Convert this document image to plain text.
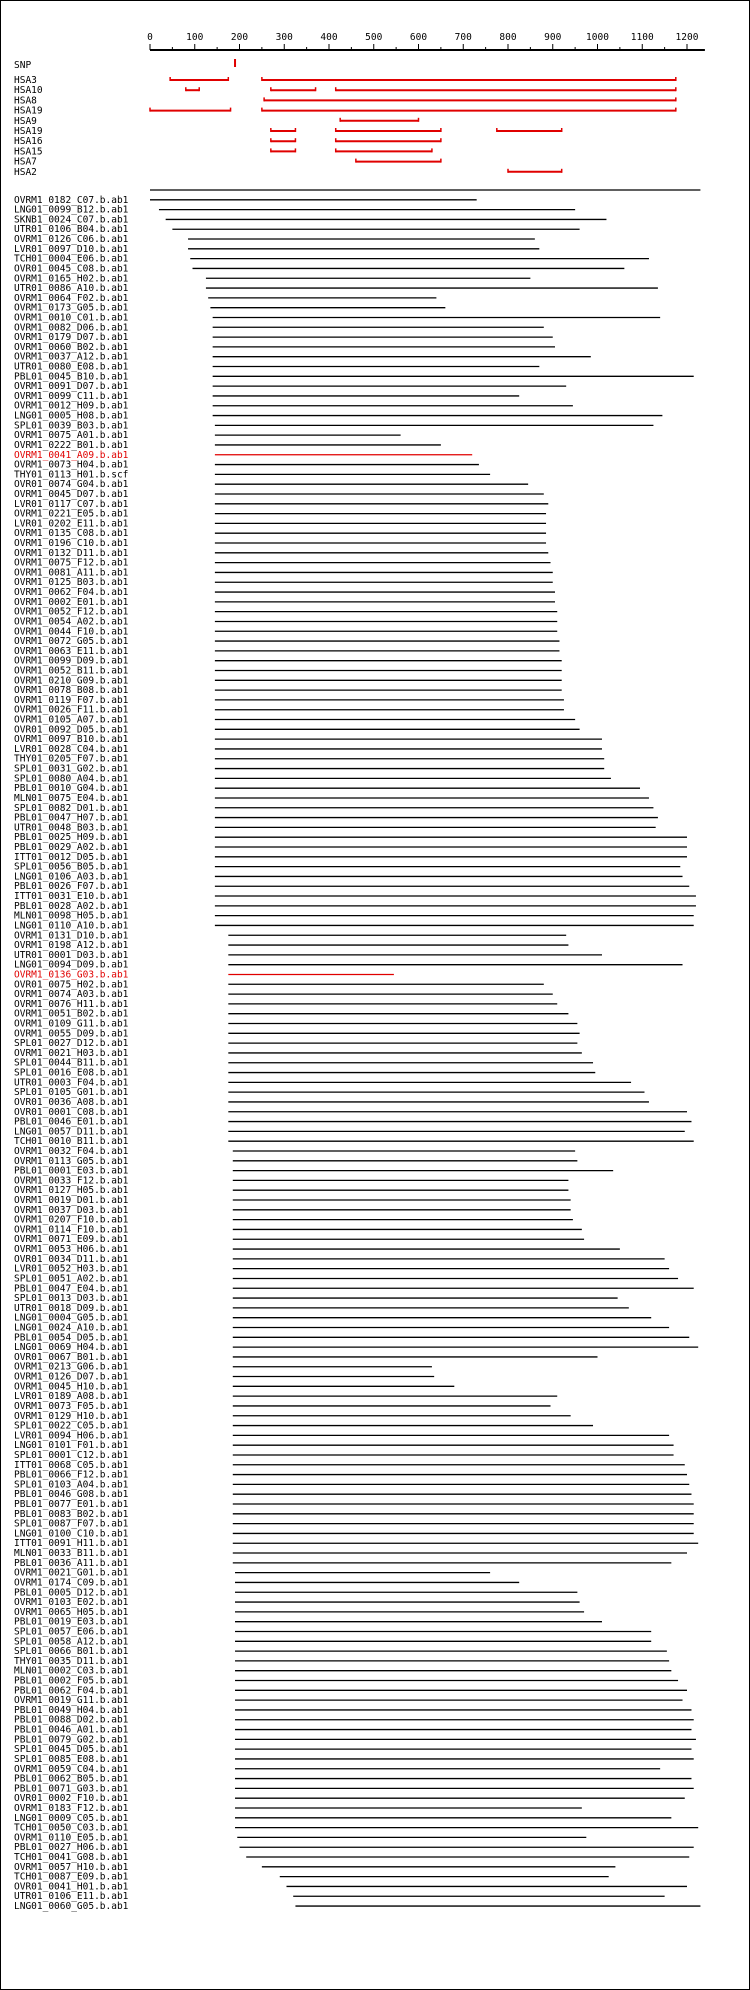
0	100	200	300	400	500	600	700	800	900	1000 1100 1200
SNP
HSA3
HSA10
HSA8
HSA19
HSA9
HSA19
HSA16
HSA15
HSA7
HSA2
OVRM1_0182_C07.b.ab1
LNG01_0099_B12.b.ab1
SKNB1_0024_C07.b.ab1
UTR01_0106_B04.b.ab1
OVRM1_0126_C06.b.ab1
LVR01_0097_D10.b.ab1
TCH01_0004_E06.b.ab1
OVR01_0045_C08.b.ab1
OVRM1_0165_H02.b.ab1
UTR01_0086_A10.b.ab1
OVRM1_0064_F02.b.ab1
OVRM1_0173_G05.b.ab1
OVRM1_0010_C01.b.ab1
OVRM1_0082_D06.b.ab1
OVRM1_0179_D07.b.ab1
OVRM1_0060_B02.b.ab1
OVRM1_0037_A12.b.ab1
UTR01_0080_E08.b.ab1
PBL01_0045_B10.b.ab1
OVRM1_0091_D07.b.ab1
OVRM1_0099_C11.b.ab1
OVRM1_0012_H09.b.ab1
LNG01_0005_H08.b.ab1
SPL01_0039_B03.b.ab1
OVRM1_0075_A01.b.ab1
OVRM1_0222_B01.b.ab1
OVRM1_0041_A09.b.ab1
OVRM1_0073_H04.b.ab1
THY01_0113_H01.b.scf
OVR01_0074_G04.b.ab1
OVRM1_0045_D07.b.ab1
LVR01_0117_C07.b.ab1
OVRM1_0221_E05.b.ab1
LVR01_0202_E11.b.ab1
OVRM1_0135_C08.b.ab1
OVRM1_0196_C10.b.ab1
OVRM1_0132_D11.b.ab1
OVRM1_0075_F12.b.ab1
OVRM1_0081_A11.b.ab1
OVRM1_0125_B03.b.ab1
OVRM1_0062_F04.b.ab1
OVRM1_0002_E01.b.ab1
OVRM1_0052_F12.b.ab1
OVRM1_0054_A02.b.ab1
OVRM1_0044_F10.b.ab1
OVRM1_0072_G05.b.ab1
OVRM1_0063_E11.b.ab1
OVRM1_0099_D09.b.ab1
OVRM1_0052_B11.b.ab1
OVRM1_0210_G09.b.ab1
OVRM1_0078_B08.b.ab1
OVRM1_0119_F07.b.ab1
OVRM1_0026_F11.b.ab1
OVRM1_0105_A07.b.ab1
OVR01_0092_D05.b.ab1
OVRM1_0097_B10.b.ab1
LVR01_0028_C04.b.ab1
THY01_0205_F07.b.ab1
SPL01_0031_G02.b.ab1
SPL01_0080_A04.b.ab1
PBL01_0010_G04.b.ab1
MLN01_0075_E04.b.ab1
SPL01_0082_D01.b.ab1
PBL01_0047_H07.b.ab1
UTR01_0048_B03.b.ab1
PBL01_0025_H09.b.ab1
PBL01_0029_A02.b.ab1
ITT01_0012_D05.b.ab1
SPL01_0056_B05.b.ab1
LNG01_0106_A03.b.ab1
PBL01_0026_F07.b.ab1
ITT01_0031_E10.b.ab1
PBL01_0028_A02.b.ab1
MLN01_0098_H05.b.ab1
LNG01_0110_A10.b.ab1
OVRM1_0131_D10.b.ab1
OVRM1_0198_A12.b.ab1
UTR01_0001_D03.b.ab1
LNG01_0094_D09.b.ab1
OVRM1_0136_G03.b.ab1
OVR01_0075_H02.b.ab1
OVRM1_0074_A03.b.ab1
OVRM1_0076_H11.b.ab1
OVRM1_0051_B02.b.ab1
OVRM1_0109_G11.b.ab1
OVRM1_0055_D09.b.ab1
SPL01_0027_D12.b.ab1
OVRM1_0021_H03.b.ab1
SPL01_0044_B11.b.ab1
SPL01_0016_E08.b.ab1
UTR01_0003_F04.b.ab1
SPL01_0105_G01.b.ab1
OVR01_0036_A08.b.ab1
OVR01_0001_C08.b.ab1
PBL01_0046_E01.b.ab1
LNG01_0057_D11.b.ab1
TCH01_0010_B11.b.ab1
OVRM1_0032_F04.b.ab1
OVRM1_0113_G05.b.ab1
PBL01_0001_E03.b.ab1
OVRM1_0033_F12.b.ab1
OVRM1_0127_H05.b.ab1
OVRM1_0019_D01.b.ab1
OVRM1_0037_D03.b.ab1
OVRM1_0207_F10.b.ab1
OVRM1_0114_F10.b.ab1
OVRM1_0071_E09.b.ab1
OVRM1_0053_H06.b.ab1
OVR01_0034_D11.b.ab1
LVR01_0052_H03.b.ab1
SPL01_0051_A02.b.ab1
PBL01_0047_E04.b.ab1
SPL01_0013_D03.b.ab1
UTR01_0018_D09.b.ab1
LNG01_0004_G05.b.ab1
LNG01_0024_A10.b.ab1
PBL01_0054_D05.b.ab1
LNG01_0069_H04.b.ab1
OVR01_0067_B01.b.ab1
OVRM1_0213_G06.b.ab1
OVRM1_0126_D07.b.ab1
OVRM1_0045_H10.b.ab1
LVR01_0189_A08.b.ab1
OVRM1_0073_F05.b.ab1
OVRM1_0129_H10.b.ab1
SPL01_0022_C05.b.ab1
LVR01_0094_H06.b.ab1
LNG01_0101_F01.b.ab1
SPL01_0001_C12.b.ab1
ITT01_0068_C05.b.ab1
PBL01_0066_F12.b.ab1
SPL01_0103_A04.b.ab1
PBL01_0046_G08.b.ab1
PBL01_0077_E01.b.ab1
PBL01_0083_B02.b.ab1
SPL01_0087_F07.b.ab1
LNG01_0100_C10.b.ab1
ITT01_0091_H11.b.ab1
MLN01_0033_B11.b.ab1
PBL01_0036_A11.b.ab1
OVRM1_0021_G01.b.ab1
OVRM1_0174_C09.b.ab1
PBL01_0005_D12.b.ab1
OVRM1_0103_E02.b.ab1
OVRM1_0065_H05.b.ab1
PBL01_0019_E03.b.ab1
SPL01_0057_E06.b.ab1
SPL01_0058_A12.b.ab1
SPL01_0066_B01.b.ab1
THY01_0035_D11.b.ab1
MLN01_0002_C03.b.ab1
PBL01_0002_F05.b.ab1
PBL01_0062_F04.b.ab1
OVRM1_0019_G11.b.ab1
PBL01_0049_H04.b.ab1
PBL01_0088_D02.b.ab1
PBL01_0046_A01.b.ab1
PBL01_0079_G02.b.ab1
SPL01_0045_D05.b.ab1
SPL01_0085_E08.b.ab1
OVRM1_0059_C04.b.ab1
PBL01_0062_B05.b.ab1
PBL01_0071_G03.b.ab1
OVR01_0002_F10.b.ab1
OVRM1_0183_F12.b.ab1
LNG01_0009_C05.b.ab1
TCH01_0050_C03.b.ab1
OVRM1_0110_E05.b.ab1
PBL01_0027_H06.b.ab1
TCH01_0041_G08.b.ab1
OVRM1_0057_H10.b.ab1
TCH01_0087_E09.b.ab1
OVR01_0041_H01.b.ab1
UTR01_0106_E11.b.ab1
LNG01_0060_G05.b.ab1
